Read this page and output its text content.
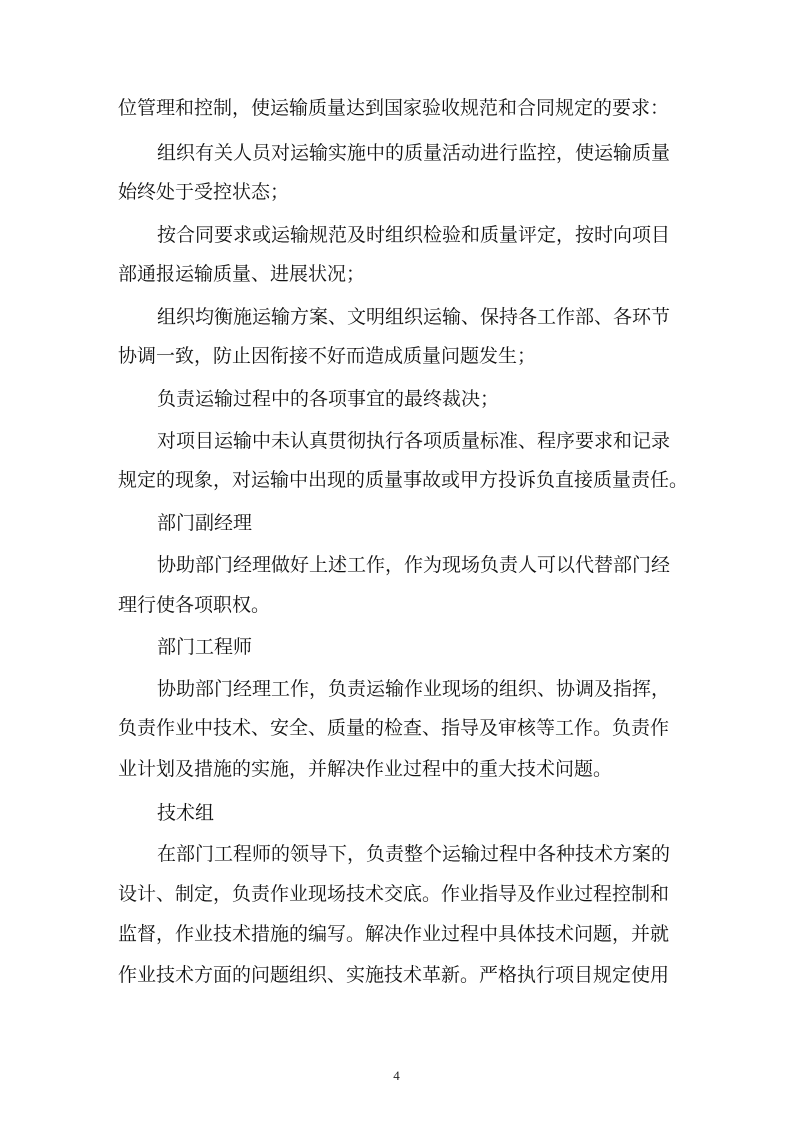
位管理和控制，使运输质量达到国家验收规范和合同规定的要求：
组织有关人员对运输实施中的质量活动进行监控，使运输质量
始终处于受控状态；
按合同要求或运输规范及时组织检验和质量评定，按时向项目
部通报运输质量、进展状况；
组织均衡施运输方案、文明组织运输、保持各工作部、各环节
协调一致，防止因衔接不好而造成质量问题发生；
负责运输过程中的各项事宜的最终裁决；
对项目运输中未认真贯彻执行各项质量标准、程序要求和记录
规定的现象，对运输中出现的质量事故或甲方投诉负直接质量责任。
部门副经理
协助部门经理做好上述工作，作为现场负责人可以代替部门经
理行使各项职权。
部门工程师
协助部门经理工作，负责运输作业现场的组织、协调及指挥，
负责作业中技术、安全、质量的检查、指导及审核等工作。负责作
业计划及措施的实施，并解决作业过程中的重大技术问题。
技术组
在部门工程师的领导下，负责整个运输过程中各种技术方案的
设计、制定，负责作业现场技术交底。作业指导及作业过程控制和
监督，作业技术措施的编写。解决作业过程中具体技术问题，并就
作业技术方面的问题组织、实施技术革新。严格执行项目规定使用
4
